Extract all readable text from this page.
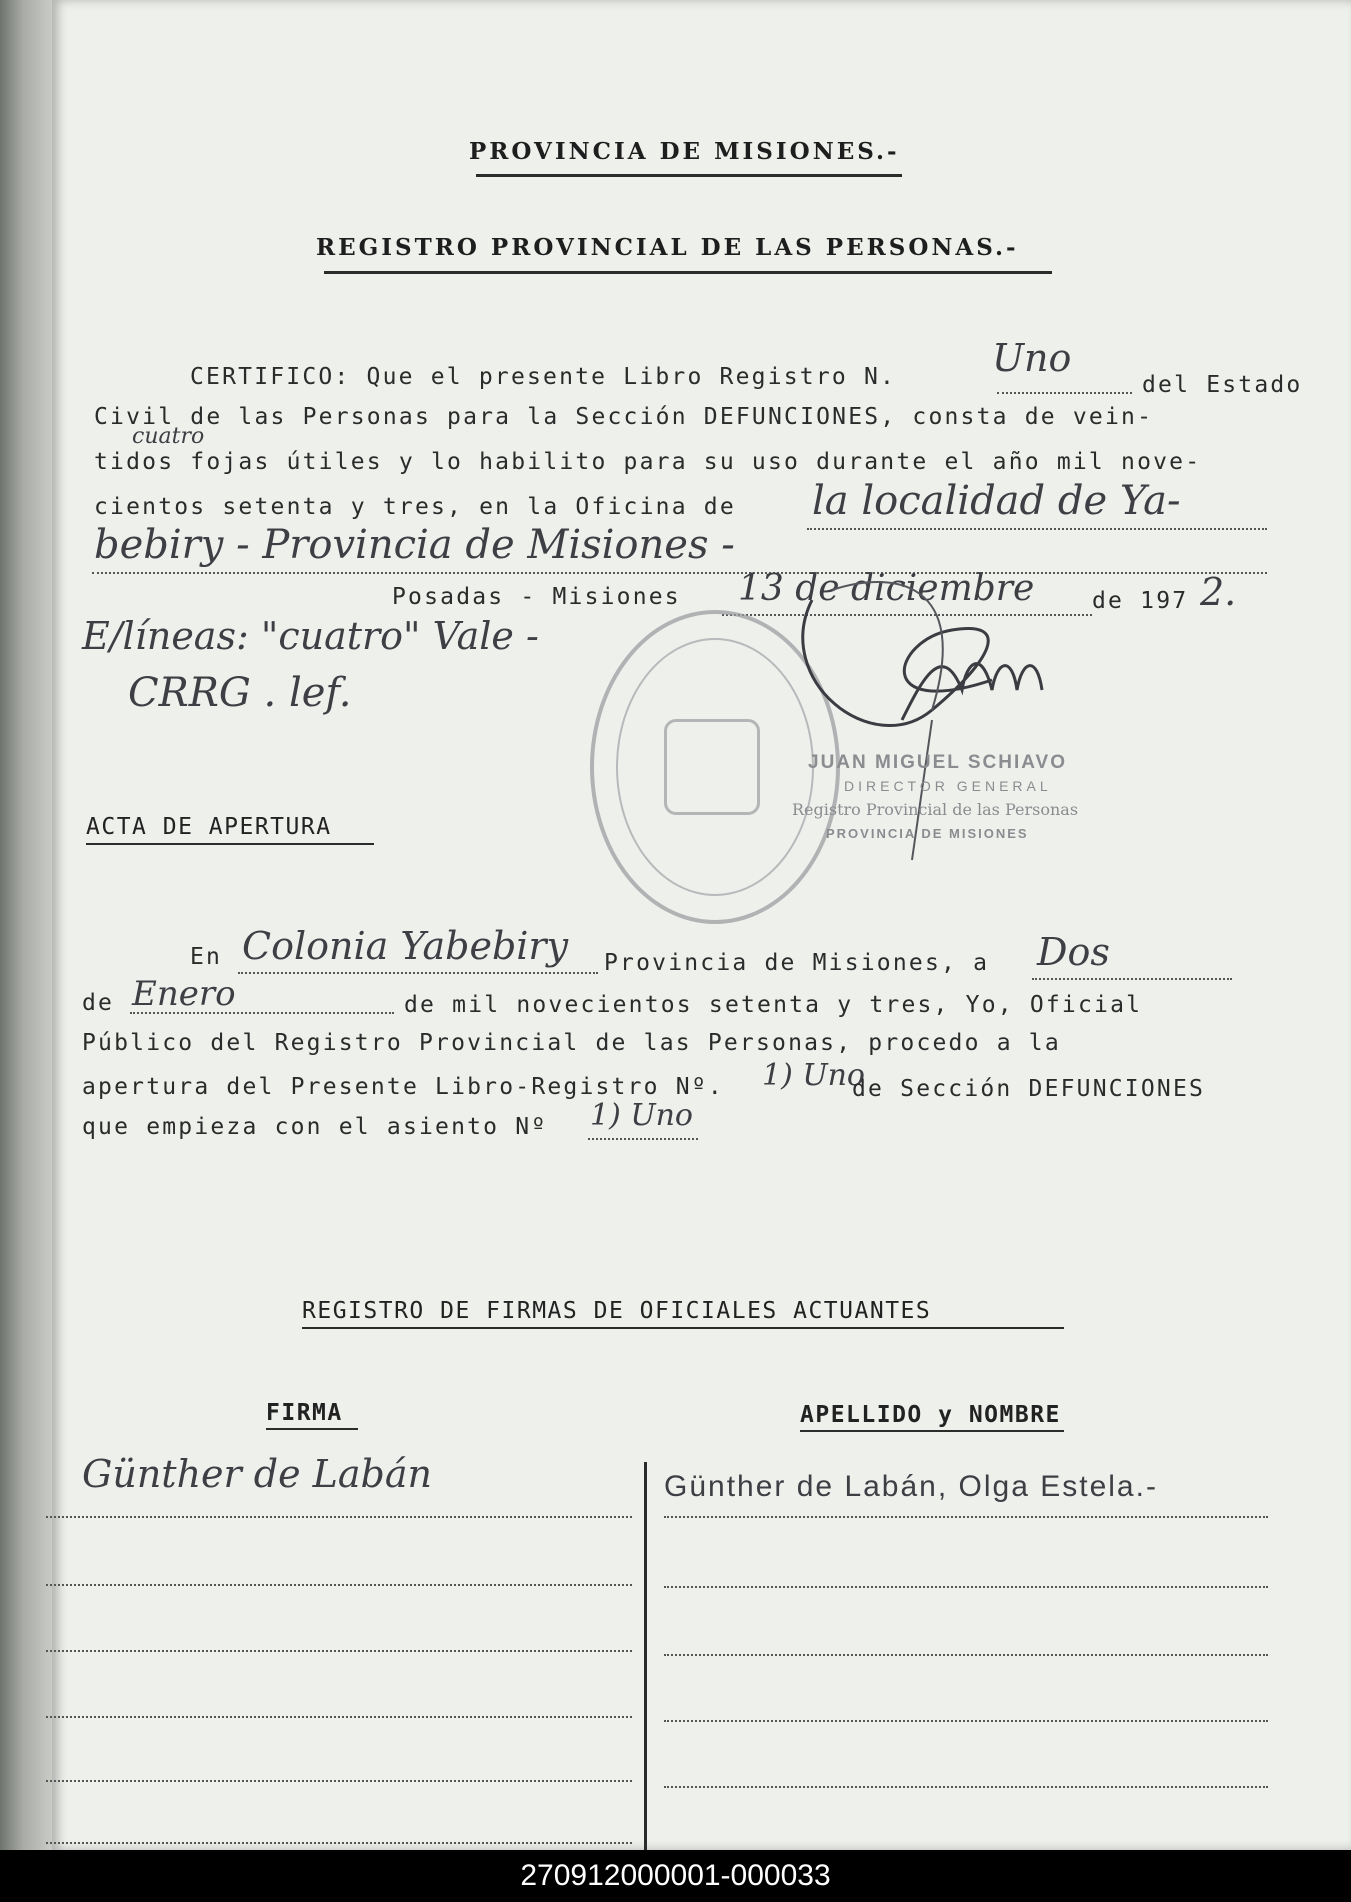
PROVINCIA DE MISIONES.-
REGISTRO PROVINCIAL DE LAS PERSONAS.-
CERTIFICO: Que el presente Libro Registro N.	Uno
del Estado
Civil de las Personas para la Sección DEFUNCIONES, consta de vein-
cuatro
tidos fojas útiles y lo habilito para su uso durante el año mil nove-
cientos setenta y tres, en la Oficina de la localidad de Ya-
bebiry - Provincia de Misiones -
Posadas - Misiones 13 de diciembre	de 197 2.
E/líneas: "cuatro" Vale -
CRRG . lef.
JUAN MIGUEL SCHIAVO
DIRECTOR GENERAL
Registro Provincial de las Personas
PROVINCIA DE MISIONES
ACTA DE APERTURA
En Colonia Yabebiry Provincia de Misiones, a Dos
de Enero	de mil novecientos setenta y tres, Yo, Oficial
Público del Registro Provincial de las Personas, procedo a la
apertura del Presente Libro-Registro Nº. 1) Uno
de Sección DEFUNCIONES
que empieza con el asiento Nº 1) Uno
REGISTRO DE FIRMAS DE OFICIALES ACTUANTES
FIRMA	APELLIDO y NOMBRE
Günther de Labán	Günther de Labán, Olga Estela.-
270912000001-000033
